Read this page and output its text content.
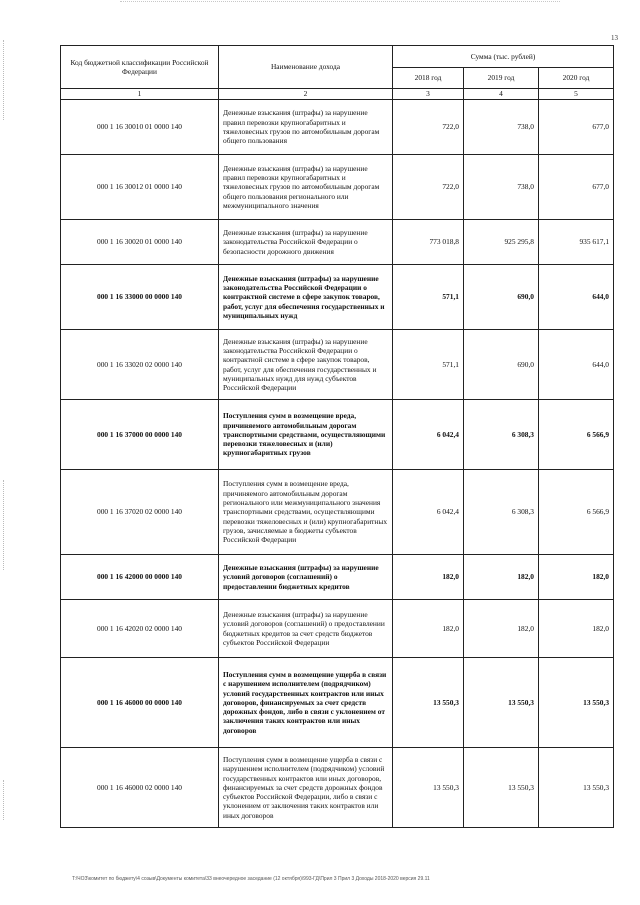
13
Код бюджетной классификации Российской Федерации	Наименование дохода	Сумма (тыс. рублей)		
		2018 год	2019 год	2020 год
1	2	3	4	5
000 1 16 30010 01 0000 140	Денежные взыскания (штрафы) за нарушение правил перевозки крупногабаритных и тяжеловесных грузов по автомобильным дорогам общего пользования	722,0	738,0	677,0
000 1 16 30012 01 0000 140	Денежные взыскания (штрафы) за нарушение правил перевозки крупногабаритных и тяжеловесных грузов по автомобильным дорогам общего пользования регионального или межмуниципального значения	722,0	738,0	677,0
000 1 16 30020 01 0000 140	Денежные взыскания (штрафы) за нарушение законодательства Российской Федерации о безопасности дорожного движения	773 018,8	925 295,8	935 617,1
000 1 16 33000 00 0000 140	Денежные взыскания (штрафы) за нарушение законодательства Российской Федерации о контрактной системе в сфере закупок товаров, работ, услуг для обеспечения государственных и муниципальных нужд	571,1	690,0	644,0
000 1 16 33020 02 0000 140	Денежные взыскания (штрафы) за нарушение законодательства Российской Федерации о контрактной системе в сфере закупок товаров, работ, услуг для обеспечения государственных и муниципальных нужд для нужд субъектов Российской Федерации	571,1	690,0	644,0
000 1 16 37000 00 0000 140	Поступления сумм в возмещение вреда, причиняемого автомобильным дорогам транспортными средствами, осуществляющими перевозки тяжеловесных и (или) крупногабаритных грузов	6 042,4	6 308,3	6 566,9
000 1 16 37020 02 0000 140	Поступления сумм в возмещение вреда, причиняемого автомобильным дорогам регионального или межмуниципального значения транспортными средствами, осуществляющими перевозки тяжеловесных и (или) крупногабаритных грузов, зачисляемые в бюджеты субъектов Российской Федерации	6 042,4	6 308,3	6 566,9
000 1 16 42000 00 0000 140	Денежные взыскания (штрафы) за нарушение условий договоров (соглашений) о предоставлении бюджетных кредитов	182,0	182,0	182,0
000 1 16 42020 02 0000 140	Денежные взыскания (штрафы) за нарушение условий договоров (соглашений) о предоставлении бюджетных кредитов за счет средств бюджетов субъектов Российской Федерации	182,0	182,0	182,0
000 1 16 46000 00 0000 140	Поступления сумм в возмещение ущерба в связи с нарушением исполнителем (подрядчиком) условий государственных контрактов или иных договоров, финансируемых за счет средств дорожных фондов, либо в связи с уклонением от заключения таких контрактов или иных договоров	13 550,3	13 550,3	13 550,3
000 1 16 46000 02 0000 140	Поступления сумм в возмещение ущерба в связи с нарушением исполнителем (подрядчиком) условий государственных контрактов или иных договоров, финансируемых за счет средств дорожных фондов субъектов Российской Федерации, либо в связи с уклонением от заключения таких контрактов или иных договоров	13 550,3	13 550,3	13 550,3
T:\ЧОЗ\комитет по бюджету\4 созыв\Документы комитета\33 внеочередное заседание (12 октября)\993-ГД\Прил 3 Прил 3 Доходы 2018-2020 версия 29.11
